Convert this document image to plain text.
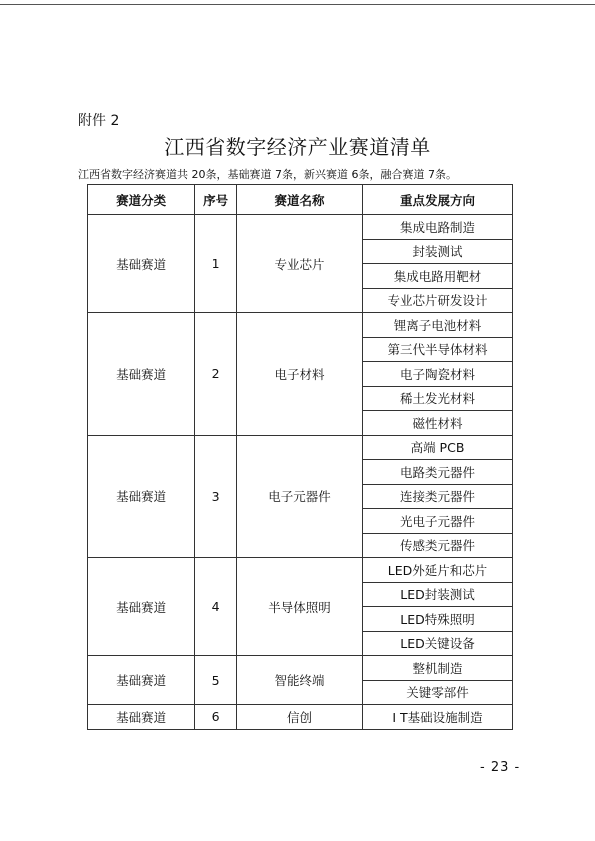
附件 2
江西省数字经济产业赛道清单
江西省数字经济赛道共 20条，基础赛道 7条，新兴赛道 6条，融合赛道 7条。
赛道分类	序号	赛道名称	重点发展方向
基础赛道	1	专业芯片	集成电路制造
			封装测试
			集成电路用靶材
			专业芯片研发设计
基础赛道	2	电子材料	锂离子电池材料
			第三代半导体材料
			电子陶瓷材料
			稀土发光材料
			磁性材料
基础赛道	3	电子元器件	高端 PCB
			电路类元器件
			连接类元器件
			光电子元器件
			传感类元器件
基础赛道	4	半导体照明	LED外延片和芯片
			LED封装测试
			LED特殊照明
			LED关键设备
基础赛道	5	智能终端	整机制造
			关键零部件
基础赛道	6	信创	I T基础设施制造
- 23 -
